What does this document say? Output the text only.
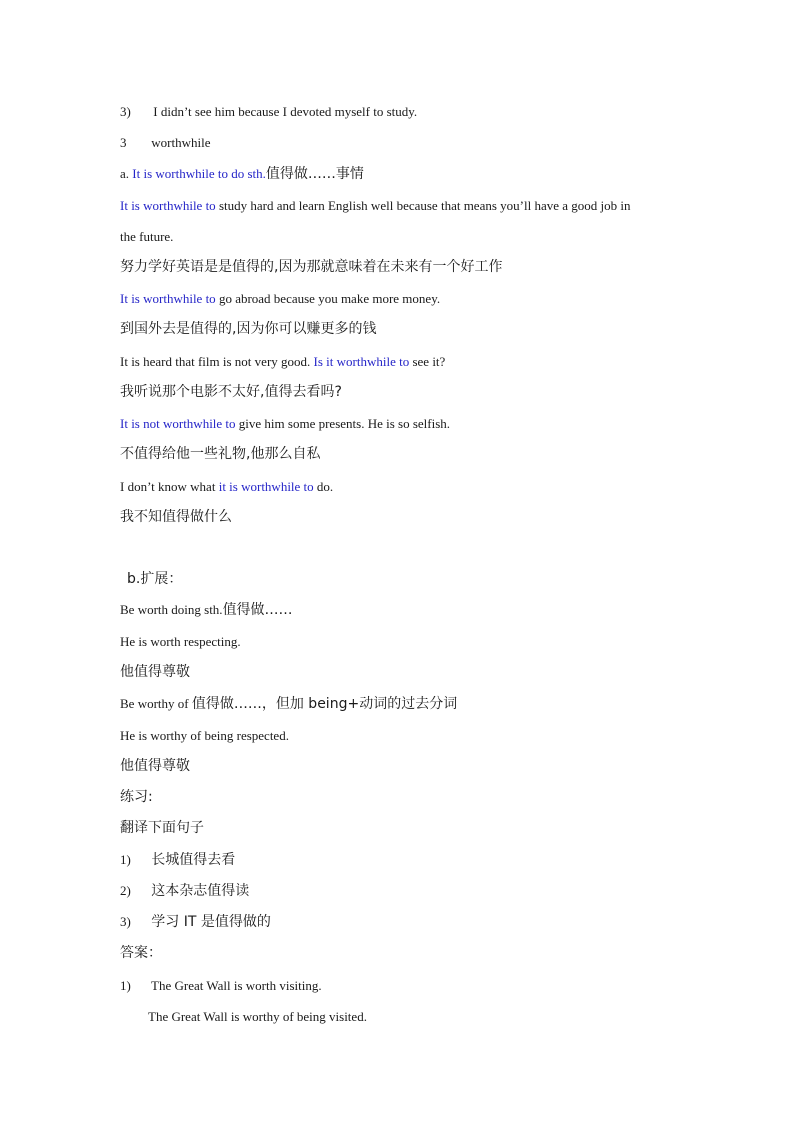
3) I didn’t see him because I devoted myself to study.
3 worthwhile
a. It is worthwhile to do sth.值得做……事情
It is worthwhile to study hard and learn English well because that means you’ll have a good job in
the future.
努力学好英语是是值得的,因为那就意味着在未来有一个好工作
It is worthwhile to go abroad because you make more money.
到国外去是值得的,因为你可以赚更多的钱
It is heard that film is not very good. Is it worthwhile to see it?
我听说那个电影不太好,值得去看吗?
It is not worthwhile to give him some presents. He is so selfish.
不值得给他一些礼物,他那么自私
I don’t know what it is worthwhile to do.
我不知值得做什么
b.扩展：
Be worth doing sth.值得做……
He is worth respecting.
他值得尊敬
Be worthy of 值得做……，但加 being+动词的过去分词
He is worthy of being respected.
他值得尊敬
练习:
翻译下面句子
1) 长城值得去看
2) 这本杂志值得读
3) 学习 IT 是值得做的
答案：
1) The Great Wall is worth visiting.
The Great Wall is worthy of being visited.
